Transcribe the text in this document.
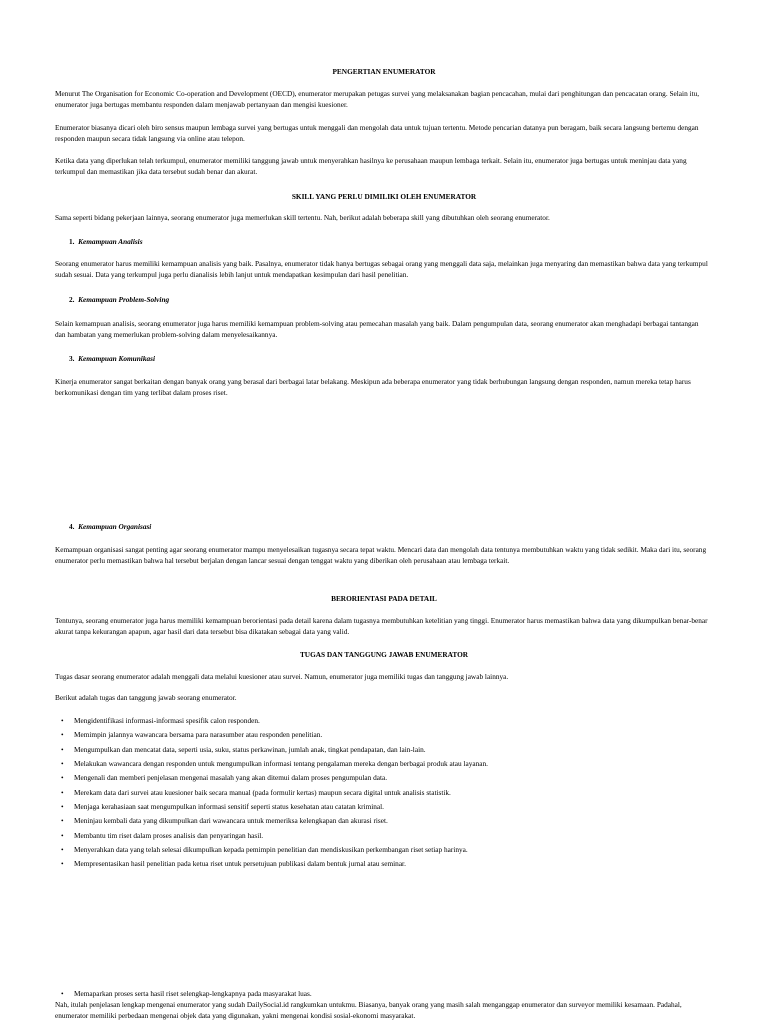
PENGERTIAN ENUMERATOR

Menurut The Organisation for Economic Co-operation and Development (OECD), enumerator merupakan petugas survei yang melaksanakan bagian pencacahan, mulai dari penghitungan dan pencacatan orang. Selain itu, enumerator juga bertugas membantu responden dalam menjawab pertanyaan dan mengisi kuesioner.

Enumerator biasanya dicari oleh biro sensus maupun lembaga survei yang bertugas untuk menggali dan mengolah data untuk tujuan tertentu. Metode pencarian datanya pun beragam, baik secara langsung bertemu dengan responden maupun secara tidak langsung via online atau telepon.

Ketika data yang diperlukan telah terkumpul, enumerator memiliki tanggung jawab untuk menyerahkan hasilnya ke perusahaan maupun lembaga terkait. Selain itu, enumerator juga bertugas untuk meninjau data yang terkumpul dan memastikan jika data tersebut sudah benar dan akurat.

SKILL YANG PERLU DIMILIKI OLEH ENUMERATOR

Sama seperti bidang pekerjaan lainnya, seorang enumerator juga memerlukan skill tertentu. Nah, berikut adalah beberapa skill yang dibutuhkan oleh seorang enumerator.

1. Kemampuan Analisis

Seorang enumerator harus memiliki kemampuan analisis yang baik. Pasalnya, enumerator tidak hanya bertugas sebagai orang yang menggali data saja, melainkan juga menyaring dan memastikan bahwa data yang terkumpul sudah sesuai. Data yang terkumpul juga perlu dianalisis lebih lanjut untuk mendapatkan kesimpulan dari hasil penelitian.

2. Kemampuan Problem-Solving

Selain kemampuan analisis, seorang enumerator juga harus memiliki kemampuan problem-solving atau pemecahan masalah yang baik. Dalam pengumpulan data, seorang enumerator akan menghadapi berbagai tantangan dan hambatan yang memerlukan problem-solving dalam menyelesaikannya.

3. Kemampuan Komunikasi

Kinerja enumerator sangat berkaitan dengan banyak orang yang berasal dari berbagai latar belakang. Meskipun ada beberapa enumerator yang tidak berhubungan langsung dengan responden, namun mereka tetap harus berkomunikasi dengan tim yang terlibat dalam proses riset.

4. Kemampuan Organisasi

Kemampuan organisasi sangat penting agar seorang enumerator mampu menyelesaikan tugasnya secara tepat waktu. Mencari data dan mengolah data tentunya membutuhkan waktu yang tidak sedikit. Maka dari itu, seorang enumerator perlu memastikan bahwa hal tersebut berjalan dengan lancar sesuai dengan tenggat waktu yang diberikan oleh perusahaan atau lembaga terkait.

BERORIENTASI PADA DETAIL

Tentunya, seorang enumerator juga harus memiliki kemampuan berorientasi pada detail karena dalam tugasnya membutuhkan ketelitian yang tinggi. Enumerator harus memastikan bahwa data yang dikumpulkan benar-benar akurat tanpa kekurangan apapun, agar hasil dari data tersebut bisa dikatakan sebagai data yang valid.

TUGAS DAN TANGGUNG JAWAB ENUMERATOR

Tugas dasar seorang enumerator adalah menggali data melalui kuesioner atau survei. Namun, enumerator juga memiliki tugas dan tanggung jawab lainnya.

Berikut adalah tugas dan tanggung jawab seorang enumerator.

• Mengidentifikasi informasi-informasi spesifik calon responden.
• Memimpin jalannya wawancara bersama para narasumber atau responden penelitian.
• Mengumpulkan dan mencatat data, seperti usia, suku, status perkawinan, jumlah anak, tingkat pendapatan, dan lain-lain.
• Melakukan wawancara dengan responden untuk mengumpulkan informasi tentang pengalaman mereka dengan berbagai produk atau layanan.
• Mengenali dan memberi penjelasan mengenai masalah yang akan ditemui dalam proses pengumpulan data.
• Merekam data dari survei atau kuesioner baik secara manual (pada formulir kertas) maupun secara digital untuk analisis statistik.
• Menjaga kerahasiaan saat mengumpulkan informasi sensitif seperti status kesehatan atau catatan kriminal.
• Meninjau kembali data yang dikumpulkan dari wawancara untuk memeriksa kelengkapan dan akurasi riset.
• Membantu tim riset dalam proses analisis dan penyaringan hasil.
• Menyerahkan data yang telah selesai dikumpulkan kepada pemimpin penelitian dan mendiskusikan perkembangan riset setiap harinya.
• Mempresentasikan hasil penelitian pada ketua riset untuk persetujuan publikasi dalam bentuk jurnal atau seminar.
• Memaparkan proses serta hasil riset selengkap-lengkapnya pada masyarakat luas.

Nah, itulah penjelasan lengkap mengenai enumerator yang sudah DailySocial.id rangkumkan untukmu. Biasanya, banyak orang yang masih salah menganggap enumerator dan surveyor memiliki kesamaan. Padahal, enumerator memiliki perbedaan mengenai objek data yang digunakan, yakni mengenai kondisi sosial-ekonomi masyarakat.
